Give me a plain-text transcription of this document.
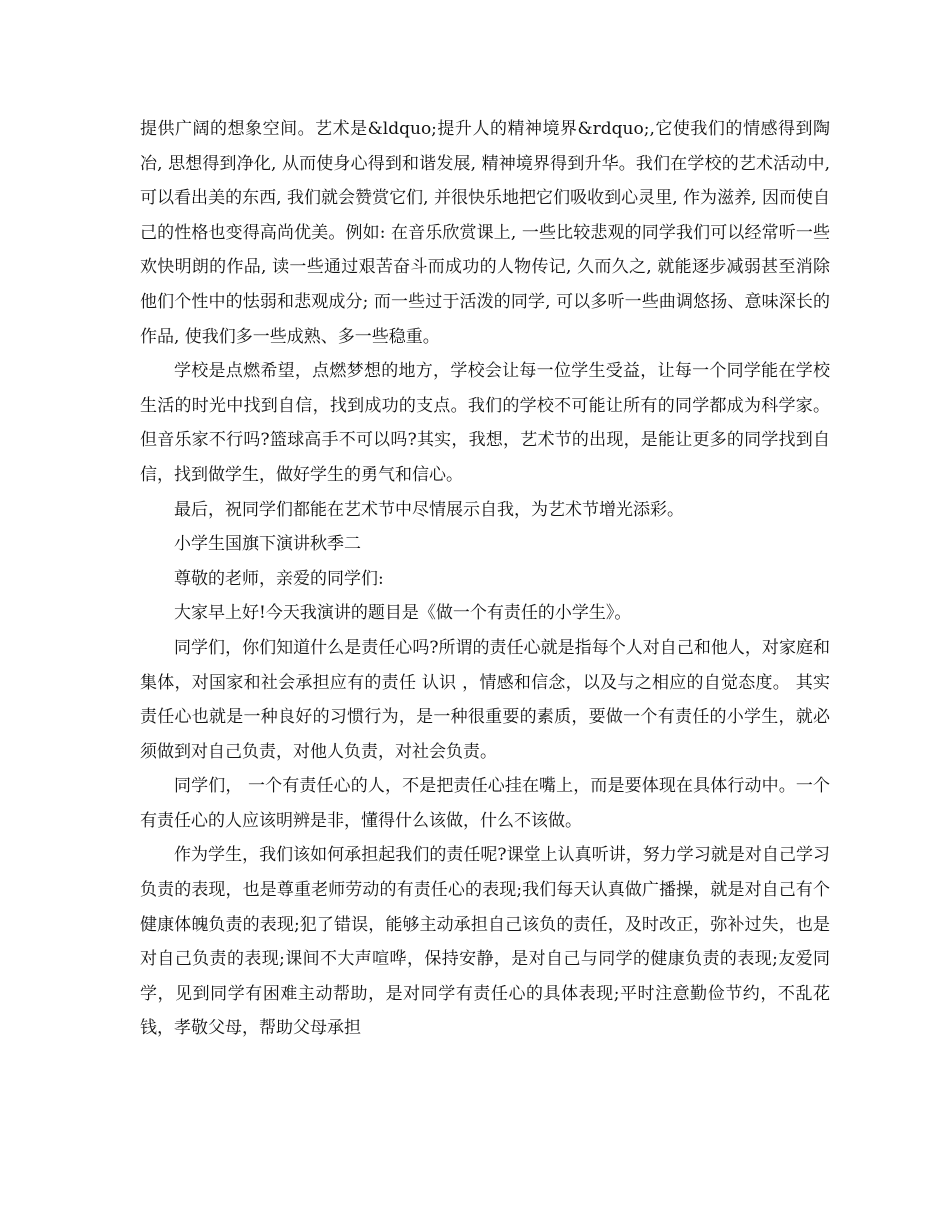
提供广阔的想象空间。艺术是&ldquo;提升人的精神境界&rdquo;,它使我们的情感得到陶冶, 思想得到净化, 从而使身心得到和谐发展, 精神境界得到升华。我们在学校的艺术活动中, 可以看出美的东西, 我们就会赞赏它们, 并很快乐地把它们吸收到心灵里, 作为滋养, 因而使自己的性格也变得高尚优美。例如: 在音乐欣赏课上, 一些比较悲观的同学我们可以经常听一些欢快明朗的作品, 读一些通过艰苦奋斗而成功的人物传记, 久而久之, 就能逐步减弱甚至消除他们个性中的怯弱和悲观成分; 而一些过于活泼的同学, 可以多听一些曲调悠扬、意味深长的作品, 使我们多一些成熟、多一些稳重。

学校是点燃希望，点燃梦想的地方，学校会让每一位学生受益，让每一个同学能在学校生活的时光中找到自信，找到成功的支点。我们的学校不可能让所有的同学都成为科学家。但音乐家不行吗?篮球高手不可以吗?其实，我想，艺术节的出现，是能让更多的同学找到自信，找到做学生，做好学生的勇气和信心。

最后，祝同学们都能在艺术节中尽情展示自我，为艺术节增光添彩。

小学生国旗下演讲秋季二

尊敬的老师，亲爱的同学们:

大家早上好!今天我演讲的题目是《做一个有责任的小学生》。

同学们，你们知道什么是责任心吗?所谓的责任心就是指每个人对自己和他人，对家庭和集体，对国家和社会承担应有的责任 认识 ，情感和信念，以及与之相应的自觉态度。 其实责任心也就是一种良好的习惯行为，是一种很重要的素质，要做一个有责任的小学生，就必须做到对自己负责，对他人负责，对社会负责。

同学们， 一个有责任心的人，不是把责任心挂在嘴上，而是要体现在具体行动中。一个有责任心的人应该明辨是非，懂得什么该做，什么不该做。

作为学生，我们该如何承担起我们的责任呢?课堂上认真听讲，努力学习就是对自己学习负责的表现，也是尊重老师劳动的有责任心的表现;我们每天认真做广播操，就是对自己有个健康体魄负责的表现;犯了错误，能够主动承担自己该负的责任，及时改正，弥补过失，也是对自己负责的表现;课间不大声喧哗，保持安静，是对自己与同学的健康负责的表现;友爱同学，见到同学有困难主动帮助，是对同学有责任心的具体表现;平时注意勤俭节约，不乱花钱，孝敬父母，帮助父母承担
